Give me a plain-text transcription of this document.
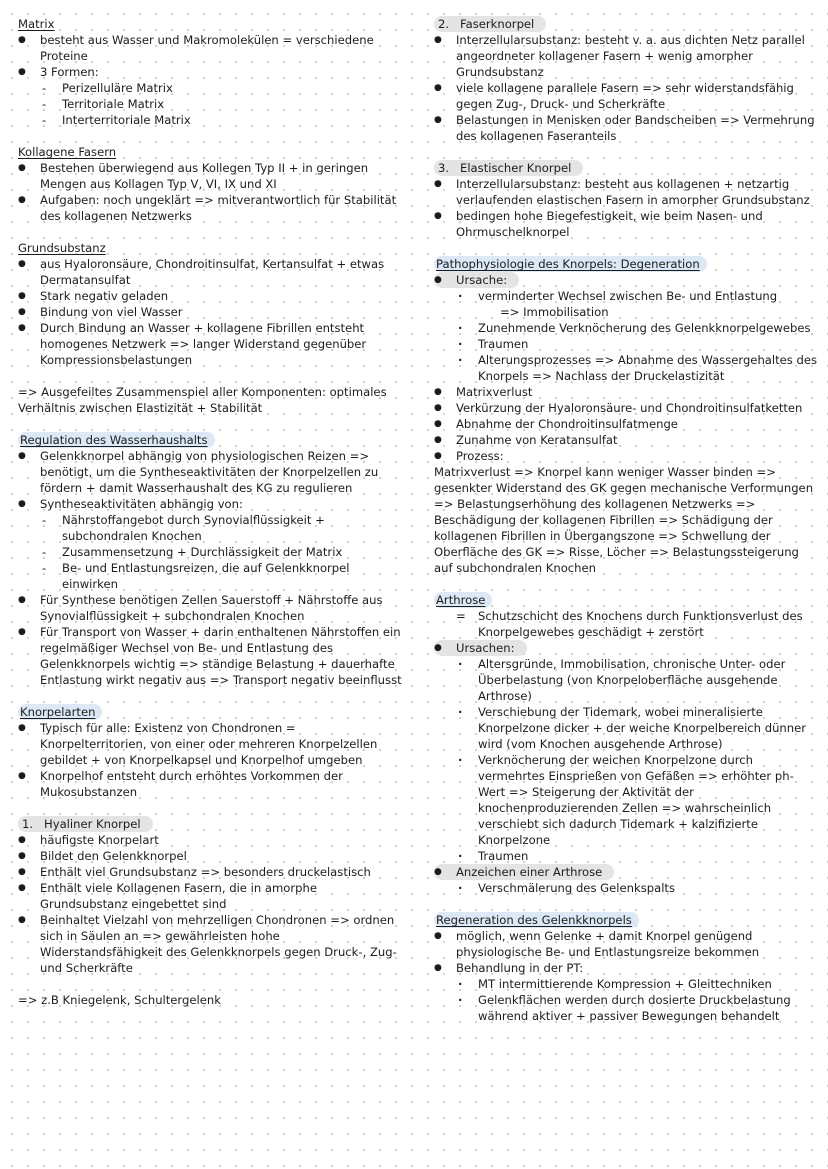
Matrix
● besteht aus Wasser und Makromolekülen = verschiedene Proteine
● 3 Formen:
- Perizelluläre Matrix
- Territoriale Matrix
- Interterritoriale Matrix
Kollagene Fasern
● Bestehen überwiegend aus Kollegen Typ II + in geringen Mengen aus Kollagen Typ V, VI, IX und XI
● Aufgaben: noch ungeklärt => mitverantwortlich für Stabilität des kollagenen Netzwerks
Grundsubstanz
● aus Hyaloronsäure, Chondroitinsulfat, Kertansulfat + etwas Dermatansulfat
● Stark negativ geladen
● Bindung von viel Wasser
● Durch Bindung an Wasser + kollagene Fibrillen entsteht homogenes Netzwerk => langer Widerstand gegenüber Kompressionsbelastungen

=> Ausgefeiltes Zusammenspiel aller Komponenten: optimales Verhältnis zwischen Elastizität + Stabilität

Regulation des Wasserhaushalts
● Gelenkknorpel abhängig von physiologischen Reizen => benötigt, um die Syntheseaktivitäten der Knorpelzellen zu fördern + damit Wasserhaushalt des KG zu regulieren
● Syntheseaktivitäten abhängig von:
- Nährstoffangebot durch Synovialflüssigkeit + subchondralen Knochen
- Zusammensetzung + Durchlässigkeit der Matrix
- Be- und Entlastungsreizen, die auf Gelenkknorpel einwirken
● Für Synthese benötigen Zellen Sauerstoff + Nährstoffe aus Synovialflüssigkeit + subchondralen Knochen
● Für Transport von Wasser + darin enthaltenen Nährstoffen ein regelmäßiger Wechsel von Be- und Entlastung des Gelenkknorpels wichtig => ständige Belastung + dauerhafte Entlastung wirkt negativ aus => Transport negativ beeinflusst
Knorpelarten
● Typisch für alle: Existenz von Chondronen = Knorpelterritorien, von einer oder mehreren Knorpelzellen gebildet + von Knorpelkapsel und Knorpelhof umgeben
● Knorpelhof entsteht durch erhöhtes Vorkommen der Mukosubstanzen
1. Hyaliner Knorpel
● häufigste Knorpelart
● Bildet den Gelenkknorpel
● Enthält viel Grundsubstanz => besonders druckelastisch
● Enthält viele Kollagenen Fasern, die in amorphe Grundsubstanz eingebettet sind
● Beinhaltet Vielzahl von mehrzelligen Chondronen => ordnen sich in Säulen an => gewährleisten hohe Widerstandsfähigkeit des Gelenkknorpels gegen Druck-, Zug- und Scherkräfte

=> z.B Kniegelenk, Schultergelenk

2. Faserknorpel
● Interzellularsubstanz: besteht v. a. aus dichten Netz parallel angeordneter kollagener Fasern + wenig amorpher Grundsubstanz
● viele kollagene parallele Fasern => sehr widerstandsfähig gegen Zug-, Druck- und Scherkräfte
● Belastungen in Menisken oder Bandscheiben => Vermehrung des kollagenen Faseranteils
3. Elastischer Knorpel
● Interzellularsubstanz: besteht aus kollagenen + netzartig verlaufenden elastischen Fasern in amorpher Grundsubstanz
● bedingen hohe Biegefestigkeit, wie beim Nasen- und Ohrmuschelknorpel
Pathophysiologie des Knorpels: Degeneration
● Ursache:
· verminderter Wechsel zwischen Be- und Entlastung
=> Immobilisation
· Zunehmende Verknöcherung des Gelenkknorpelgewebes
· Traumen
· Alterungsprozesses => Abnahme des Wassergehaltes des Knorpels => Nachlass der Druckelastizität
● Matrixverlust
● Verkürzung der Hyaloronsäure- und Chondroitinsulfatketten
● Abnahme der Chondroitinsulfatmenge
● Zunahme von Keratansulfat
● Prozess:

Matrixverlust => Knorpel kann weniger Wasser binden => gesenkter Widerstand des GK gegen mechanische Verformungen => Belastungserhöhung des kollagenen Netzwerks => Beschädigung der kollagenen Fibrillen => Schädigung der kollagenen Fibrillen in Übergangszone => Schwellung der Oberfläche des GK => Risse, Löcher => Belastungssteigerung auf subchondralen Knochen

Arthrose
= Schutzschicht des Knochens durch Funktionsverlust des Knorpelgewebes geschädigt + zerstört
● Ursachen:
· Altersgründe, Immobilisation, chronische Unter- oder Überbelastung (von Knorpeloberfläche ausgehende Arthrose)
· Verschiebung der Tidemark, wobei mineralisierte Knorpelzone dicker + der weiche Knorpelbereich dünner wird (vom Knochen ausgehende Arthrose)
· Verknöcherung der weichen Knorpelzone durch vermehrtes Einsprießen von Gefäßen => erhöhter ph-Wert => Steigerung der Aktivität der knochenproduzierenden Zellen => wahrscheinlich verschiebt sich dadurch Tidemark + kalzifizierte Knorpelzone
· Traumen
● Anzeichen einer Arthrose
· Verschmälerung des Gelenkspalts
Regeneration des Gelenkknorpels
● möglich, wenn Gelenke + damit Knorpel genügend physiologische Be- und Entlastungsreize bekommen
● Behandlung in der PT:
· MT intermittierende Kompression + Gleittechniken
· Gelenkflächen werden durch dosierte Druckbelastung während aktiver + passiver Bewegungen behandelt
